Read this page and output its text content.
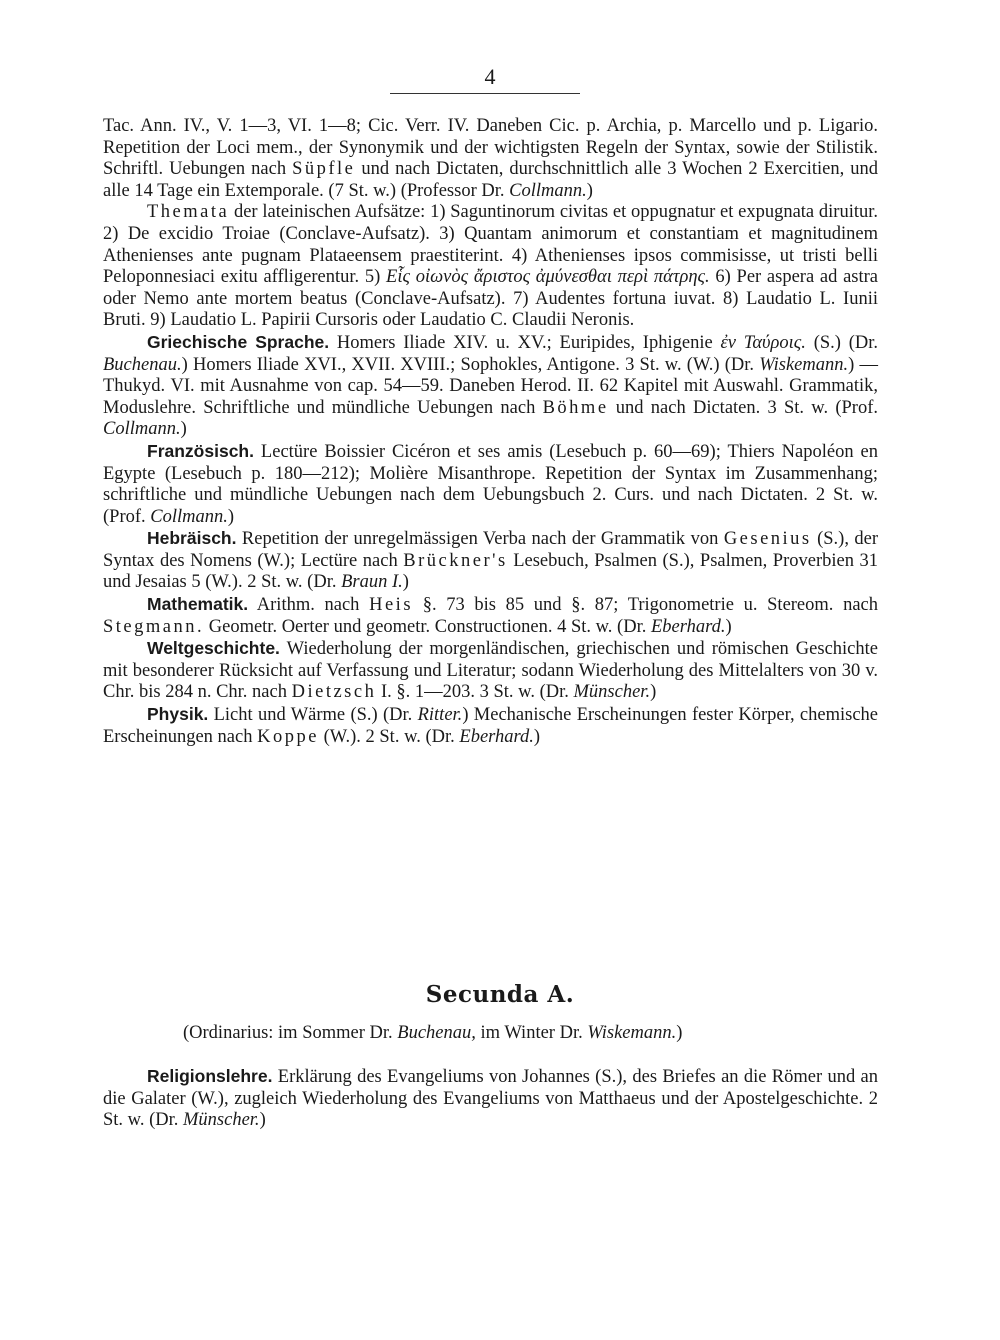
4

Tac. Ann. IV., V. 1—3, VI. 1—8; Cic. Verr. IV. Daneben Cic. p. Archia, p. Marcello und p. Ligario. Repetition der Loci mem., der Synonymik und der wichtigsten Regeln der Syntax, sowie der Stilistik. Schriftl. Uebungen nach Süpfle und nach Dictaten, durchschnittlich alle 3 Wochen 2 Exercitien, und alle 14 Tage ein Extemporale. (7 St. w.) (Professor Dr. Collmann.)

Themata der lateinischen Aufsätze: 1) Saguntinorum civitas et oppugnatur et expugnata diruitur. 2) De excidio Troiae (Conclave-Aufsatz). 3) Quantam animorum et constantiam et magnitudinem Athenienses ante pugnam Plataeensem praestiterint. 4) Athenienses ipsos commisisse, ut tristi belli Peloponnesiaci exitu affligerentur. 5) Εἷς οἰωνὸς ἄριστος ἀμύνεσθαι περὶ πάτρης. 6) Per aspera ad astra oder Nemo ante mortem beatus (Conclave-Aufsatz). 7) Audentes fortuna iuvat. 8) Laudatio L. Iunii Bruti. 9) Laudatio L. Papirii Cursoris oder Laudatio C. Claudii Neronis.

Griechische Sprache. Homers Iliade XIV. u. XV.; Euripides, Iphigenie ἐν Ταύροις. (S.) (Dr. Buchenau.) Homers Iliade XVI., XVII. XVIII.; Sophokles, Antigone. 3 St. w. (W.) (Dr. Wiskemann.) — Thukyd. VI. mit Ausnahme von cap. 54—59. Daneben Herod. II. 62 Kapitel mit Auswahl. Grammatik, Moduslehre. Schriftliche und mündliche Uebungen nach Böhme und nach Dictaten. 3 St. w. (Prof. Collmann.)

Französisch. Lectüre Boissier Cicéron et ses amis (Lesebuch p. 60—69); Thiers Napoléon en Egypte (Lesebuch p. 180—212); Molière Misanthrope. Repetition der Syntax im Zusammenhang; schriftliche und mündliche Uebungen nach dem Uebungsbuch 2. Curs. und nach Dictaten. 2 St. w. (Prof. Collmann.)

Hebräisch. Repetition der unregelmässigen Verba nach der Grammatik von Gesenius (S.), der Syntax des Nomens (W.); Lectüre nach Brückner's Lesebuch, Psalmen (S.), Psalmen, Proverbien 31 und Jesaias 5 (W.). 2 St. w. (Dr. Braun I.)

Mathematik. Arithm. nach Heis §. 73 bis 85 und §. 87; Trigonometrie u. Stereom. nach Stegmann. Geometr. Oerter und geometr. Constructionen. 4 St. w. (Dr. Eberhard.)

Weltgeschichte. Wiederholung der morgenländischen, griechischen und römischen Geschichte mit besonderer Rücksicht auf Verfassung und Literatur; sodann Wiederholung des Mittelalters von 30 v. Chr. bis 284 n. Chr. nach Dietzsch I. §. 1—203. 3 St. w. (Dr. Münscher.)

Physik. Licht und Wärme (S.) (Dr. Ritter.) Mechanische Erscheinungen fester Körper, chemische Erscheinungen nach Koppe (W.). 2 St. w. (Dr. Eberhard.)

Secunda A.

(Ordinarius: im Sommer Dr. Buchenau, im Winter Dr. Wiskemann.)

Religionslehre. Erklärung des Evangeliums von Johannes (S.), des Briefes an die Römer und an die Galater (W.), zugleich Wiederholung des Evangeliums von Matthaeus und der Apostelgeschichte. 2 St. w. (Dr. Münscher.)
